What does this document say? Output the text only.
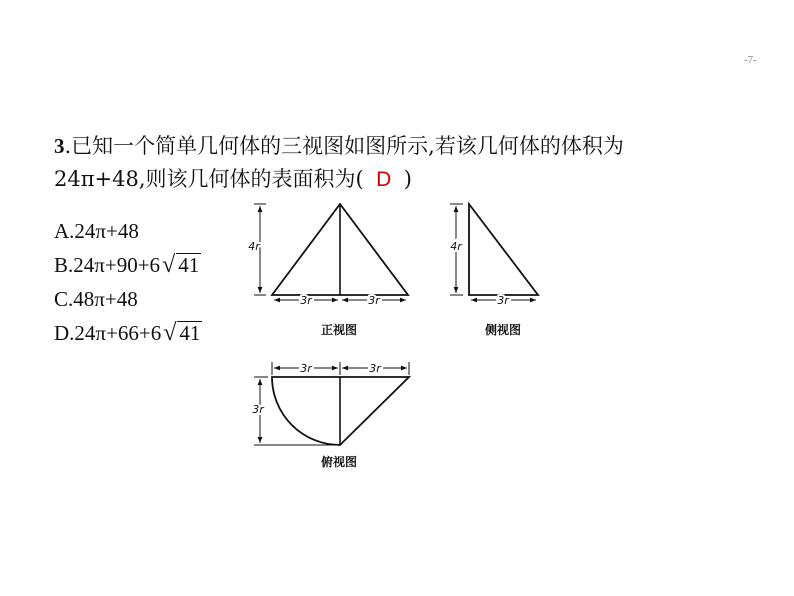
-7-
3.已知一个简单几何体的三视图如图所示,若该几何体的体积为
24π+48,则该几何体的表面积为( D )
A.24π+48
B.24π+90+6√ 41
C.48π+48
D.24π+66+6√ 41
4r
3r	3r
正视图
4r
3r
侧视图
3r	3r
3r
俯视图
